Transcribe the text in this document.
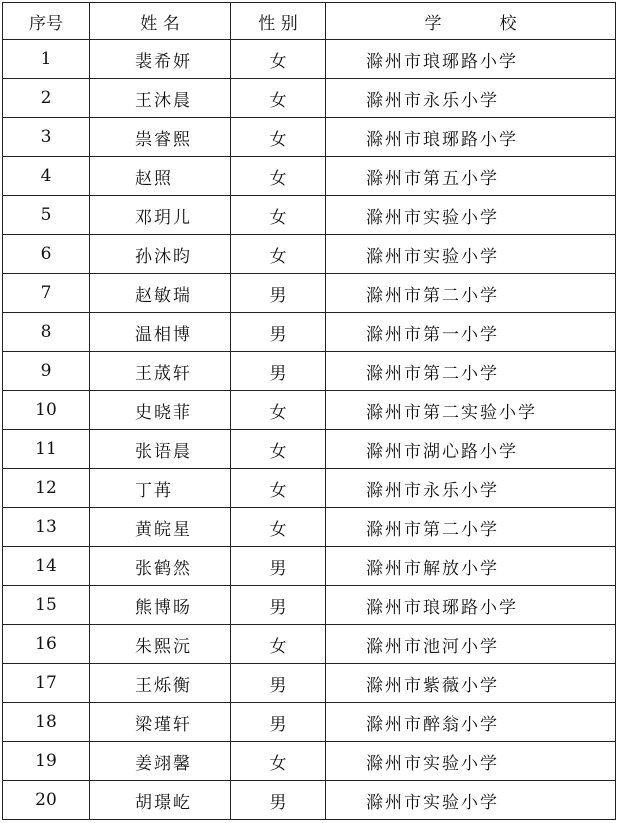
序号	姓 名	性 别	学 校
1	裴希妍	女	滁州市琅琊路小学
2	王沐晨	女	滁州市永乐小学
3	祟睿熙	女	滁州市琅琊路小学
4	赵照	女	滁州市第五小学
5	邓玥儿	女	滁州市实验小学
6	孙沐昀	女	滁州市实验小学
7	赵敏瑞	男	滁州市第二小学
8	温相博	男	滁州市第一小学
9	王荿轩	男	滁州市第二小学
10	史晓菲	女	滁州市第二实验小学
11	张语晨	女	滁州市湖心路小学
12	丁苒	女	滁州市永乐小学
13	黄皖星	女	滁州市第二小学
14	张鹤然	男	滁州市解放小学
15	熊博旸	男	滁州市琅琊路小学
16	朱熙沅	女	滁州市池河小学
17	王烁衡	男	滁州市紫薇小学
18	梁瑾轩	男	滁州市醉翁小学
19	姜翊馨	女	滁州市实验小学
20	胡璟屹	男	滁州市实验小学
